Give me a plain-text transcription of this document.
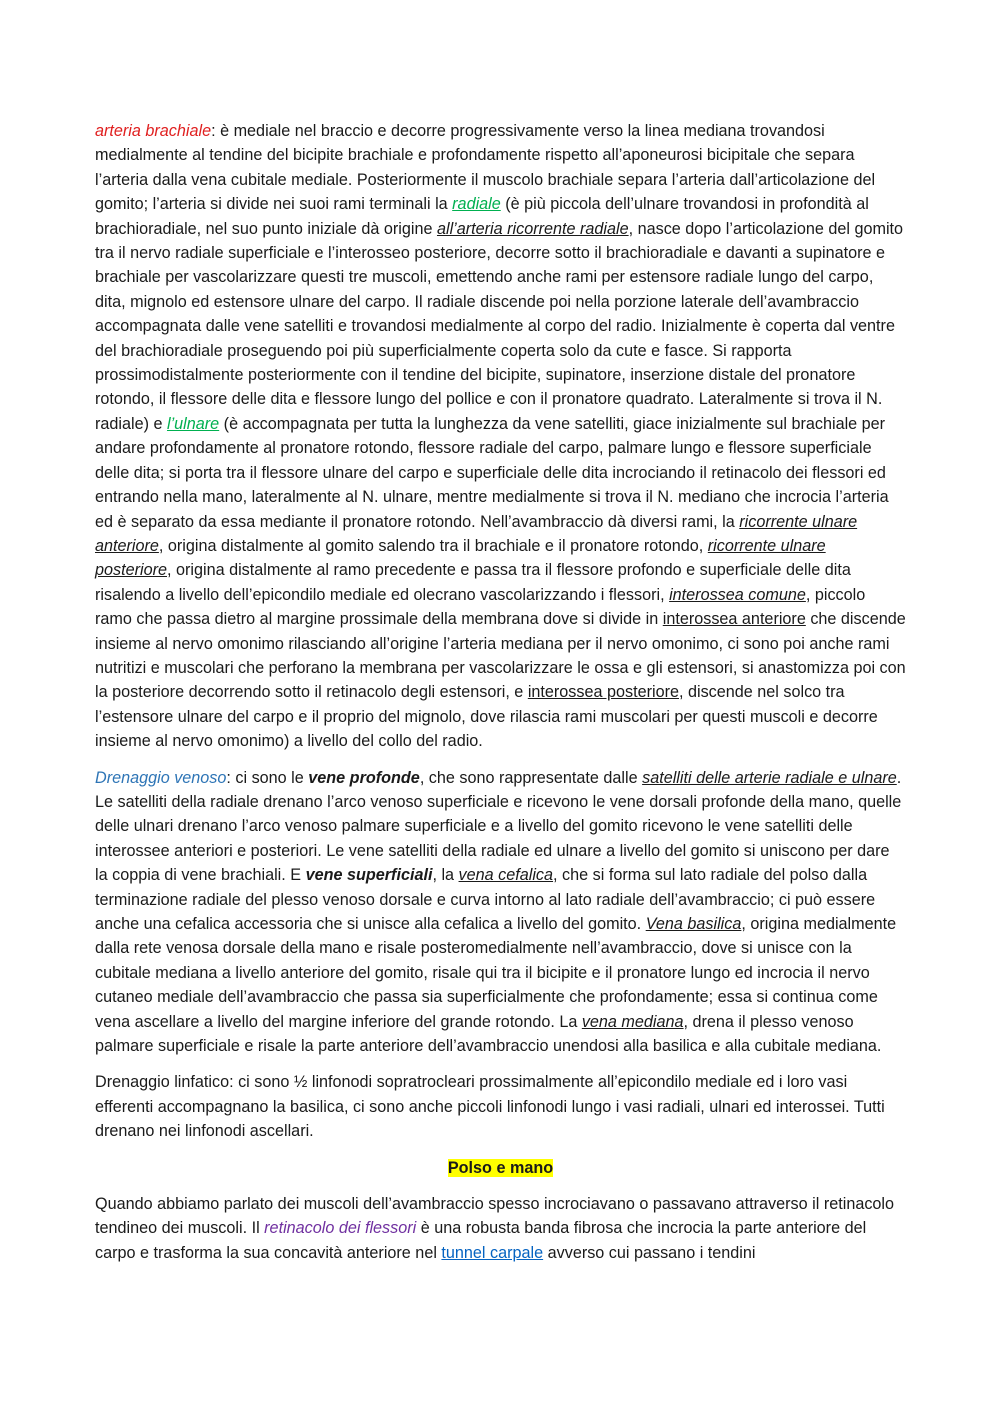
arteria brachiale: è mediale nel braccio e decorre progressivamente verso la linea mediana trovandosi medialmente al tendine del bicipite brachiale e profondamente rispetto all’aponeurosi bicipitale che separa l’arteria dalla vena cubitale mediale. Posteriormente il muscolo brachiale separa l’arteria dall’articolazione del gomito; l’arteria si divide nei suoi rami terminali la radiale (è più piccola dell’ulnare trovandosi in profondità al brachioradiale, nel suo punto iniziale dà origine all’arteria ricorrente radiale, nasce dopo l’articolazione del gomito tra il nervo radiale superficiale e l’interosseo posteriore, decorre sotto il brachioradiale e davanti a supinatore e brachiale per vascolarizzare questi tre muscoli, emettendo anche rami per estensore radiale lungo del carpo, dita, mignolo ed estensore ulnare del carpo. Il radiale discende poi nella porzione laterale dell’avambraccio accompagnata dalle vene satelliti e trovandosi medialmente al corpo del radio. Inizialmente è coperta dal ventre del brachioradiale proseguendo poi più superficialmente coperta solo da cute e fasce. Si rapporta prossimodistalmente posteriormente con il tendine del bicipite, supinatore, inserzione distale del pronatore rotondo, il flessore delle dita e flessore lungo del pollice e con il pronatore quadrato. Lateralmente si trova il N. radiale) e l’ulnare (è accompagnata per tutta la lunghezza da vene satelliti, giace inizialmente sul brachiale per andare profondamente al pronatore rotondo, flessore radiale del carpo, palmare lungo e flessore superficiale delle dita; si porta tra il flessore ulnare del carpo e superficiale delle dita incrociando il retinacolo dei flessori ed entrando nella mano, lateralmente al N. ulnare, mentre medialmente si trova il N. mediano che incrocia l’arteria ed è separato da essa mediante il pronatore rotondo. Nell’avambraccio dà diversi rami, la ricorrente ulnare anteriore, origina distalmente al gomito salendo tra il brachiale e il pronatore rotondo, ricorrente ulnare posteriore, origina distalmente al ramo precedente e passa tra il flessore profondo e superficiale delle dita risalendo a livello dell’epicondilo mediale ed olecrano vascolarizzando i flessori, interossea comune, piccolo ramo che passa dietro al margine prossimale della membrana dove si divide in interossea anteriore che discende insieme al nervo omonimo rilasciando all’origine l’arteria mediana per il nervo omonimo, ci sono poi anche rami nutritizi e muscolari che perforano la membrana per vascolarizzare le ossa e gli estensori, si anastomizza poi con la posteriore decorrendo sotto il retinacolo degli estensori, e interossea posteriore, discende nel solco tra l’estensore ulnare del carpo e il proprio del mignolo, dove rilascia rami muscolari per questi muscoli e decorre insieme al nervo omonimo) a livello del collo del radio.

Drenaggio venoso: ci sono le vene profonde, che sono rappresentate dalle satelliti delle arterie radiale e ulnare. Le satelliti della radiale drenano l’arco venoso superficiale e ricevono le vene dorsali profonde della mano, quelle delle ulnari drenano l’arco venoso palmare superficiale e a livello del gomito ricevono le vene satelliti delle interossee anteriori e posteriori. Le vene satelliti della radiale ed ulnare a livello del gomito si uniscono per dare la coppia di vene brachiali. E vene superficiali, la vena cefalica, che si forma sul lato radiale del polso dalla terminazione radiale del plesso venoso dorsale e curva intorno al lato radiale dell’avambraccio; ci può essere anche una cefalica accessoria che si unisce alla cefalica a livello del gomito. Vena basilica, origina medialmente dalla rete venosa dorsale della mano e risale posteromedialmente nell’avambraccio, dove si unisce con la cubitale mediana a livello anteriore del gomito, risale qui tra il bicipite e il pronatore lungo ed incrocia il nervo cutaneo mediale dell’avambraccio che passa sia superficialmente che profondamente; essa si continua come vena ascellare a livello del margine inferiore del grande rotondo. La vena mediana, drena il plesso venoso palmare superficiale e risale la parte anteriore dell’avambraccio unendosi alla basilica e alla cubitale mediana.

Drenaggio linfatico: ci sono ½ linfonodi sopratrocleari prossimalmente all’epicondilo mediale ed i loro vasi efferenti accompagnano la basilica, ci sono anche piccoli linfonodi lungo i vasi radiali, ulnari ed interossei. Tutti drenano nei linfonodi ascellari.

Polso e mano

Quando abbiamo parlato dei muscoli dell’avambraccio spesso incrociavano o passavano attraverso il retinacolo tendineo dei muscoli. Il retinacolo dei flessori è una robusta banda fibrosa che incrocia la parte anteriore del carpo e trasforma la sua concavità anteriore nel tunnel carpale avverso cui passano i tendini
